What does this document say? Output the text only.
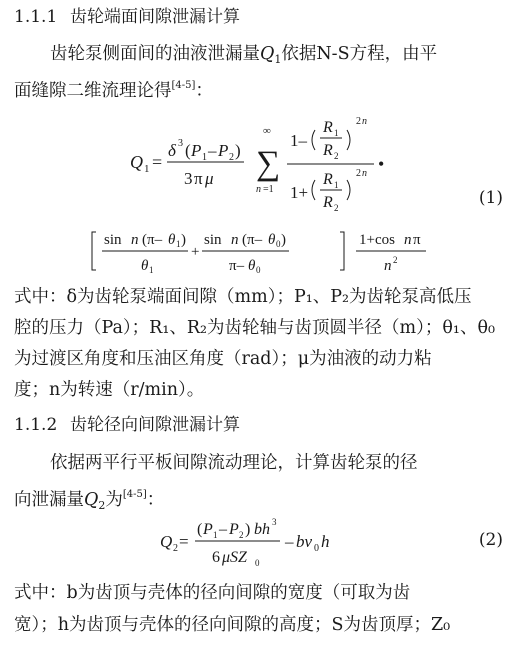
1.1.1 齿轮端面间隙泄漏计算
齿轮泵侧面间的油液泄漏量$Q_1$依据N-S方程，由平
面缝隙二维流理论得[4-5]：
Q 1 =
δ 3 ( P 1 – P 2 )
3 π μ
∞
∑
n =1
1–
R 1
R 2
2 n
1+
R 1
R 2
2 n •
sin n (π– θ 1 )
θ 1
+
sin n (π– θ 0 )
π– θ 0
1+cos n π
n 2
(1)
式中：δ为齿轮泵端面间隙（mm）；P₁、P₂为齿轮泵高低压
腔的压力（Pa）；R₁、R₂为齿轮轴与齿顶圆半径（m）；θ₁、θ₀
为过渡区角度和压油区角度（rad）；μ为油液的动力粘
度；n为转速（r/min）。
1.1.2 齿轮径向间隙泄漏计算
依据两平行平板间隙流动理论，计算齿轮泵的径
向泄漏量$Q_2$为[4-5]：
Q 2 =
( P 1 – P 2 ) bh 3
6 μSZ 0
– bv 0 h	(2)
式中：b为齿顶与壳体的径向间隙的宽度（可取为齿
宽）；h为齿顶与壳体的径向间隙的高度；S为齿顶厚；Z₀
